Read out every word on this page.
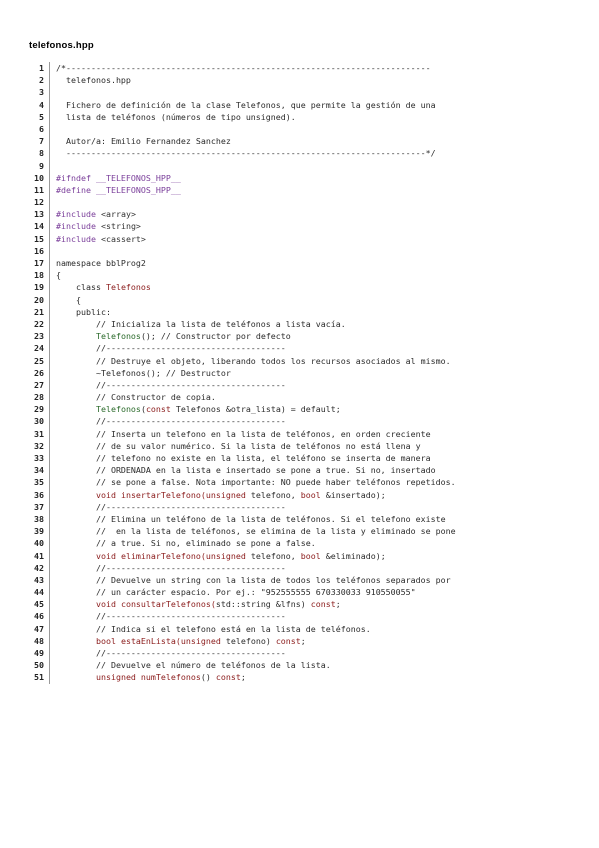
telefonos.hpp
1	/*-------------------------------------------------------------------------
2	telefonos.hpp
3
4	Fichero de definición de la clase Telefonos, que permite la gestión de una
5	lista de teléfonos (números de tipo unsigned).
6
7	Autor/a: Emilio Fernandez Sanchez
8	------------------------------------------------------------------------*/
9
10	#ifndef __TELEFONOS_HPP__
11	#define __TELEFONOS_HPP__
12
13	#include <array>
14	#include <string>
15	#include <cassert>
16
17	namespace bblProg2
18	{
19	class Telefonos
20	{
21	public:
22	// Inicializa la lista de teléfonos a lista vacía.
23	Telefonos(); // Constructor por defecto
24	//------------------------------------
25	// Destruye el objeto, liberando todos los recursos asociados al mismo.
26	~Telefonos(); // Destructor
27	//------------------------------------
28	// Constructor de copia.
29	Telefonos(const Telefonos &otra_lista) = default;
30	//------------------------------------
31	// Inserta un telefono en la lista de teléfonos, en orden creciente
32	// de su valor numérico. Si la lista de teléfonos no está llena y
33	// telefono no existe en la lista, el teléfono se inserta de manera
34	// ORDENADA en la lista e insertado se pone a true. Si no, insertado
35	// se pone a false. Nota importante: NO puede haber teléfonos repetidos.
36	void insertarTelefono(unsigned telefono, bool &insertado);
37	//------------------------------------
38	// Elimina un teléfono de la lista de teléfonos. Si el telefono existe
39	//  en la lista de teléfonos, se elimina de la lista y eliminado se pone
40	// a true. Si no, eliminado se pone a false.
41	void eliminarTelefono(unsigned telefono, bool &eliminado);
42	//------------------------------------
43	// Devuelve un string con la lista de todos los teléfonos separados por
44	// un carácter espacio. Por ej.: "952555555 670330033 910550055"
45	void consultarTelefonos(std::string &lfns) const;
46	//------------------------------------
47	// Indica si el telefono está en la lista de teléfonos.
48	bool estaEnLista(unsigned telefono) const;
49	//------------------------------------
50	// Devuelve el número de teléfonos de la lista.
51	unsigned numTelefonos() const;
